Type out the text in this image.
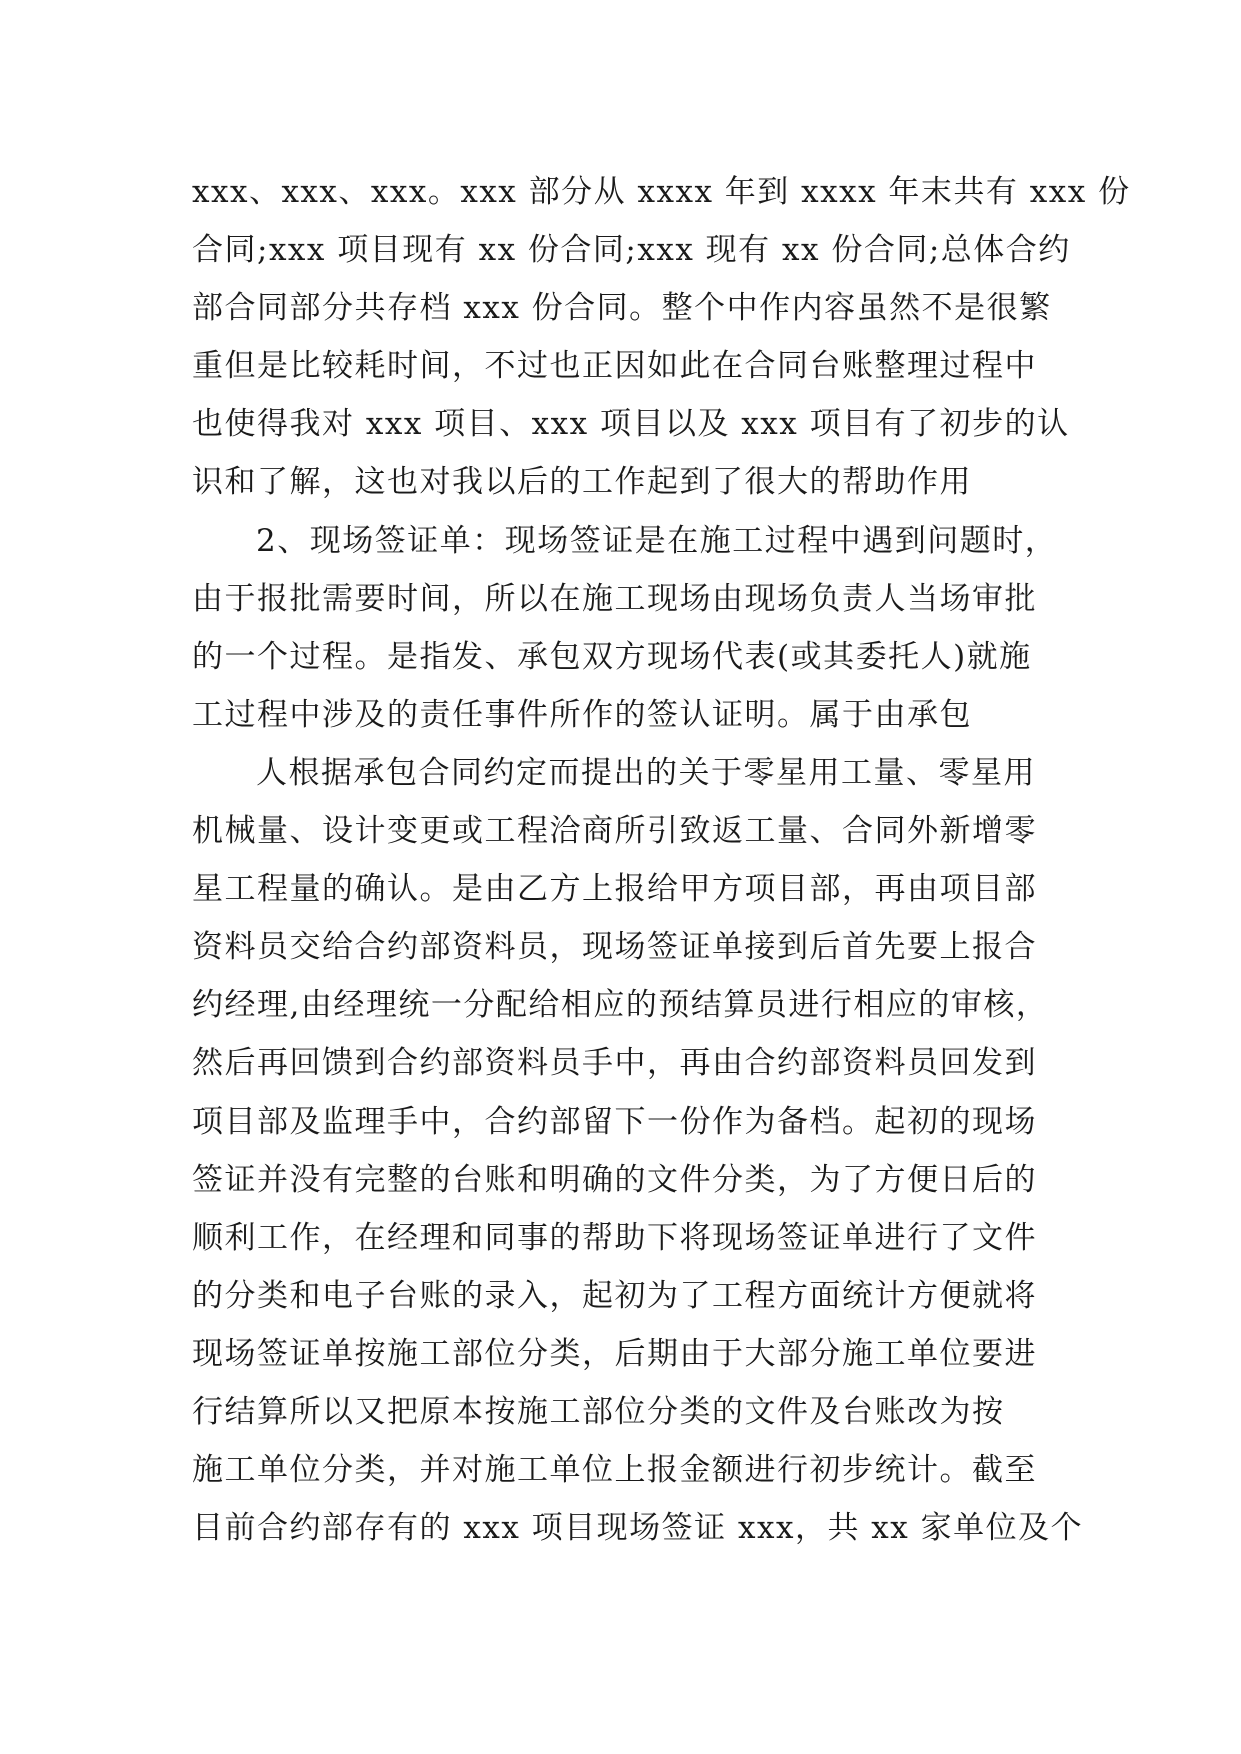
xxx、xxx、xxx。xxx 部分从 xxxx 年到 xxxx 年末共有 xxx 份
合同;xxx 项目现有 xx 份合同;xxx 现有 xx 份合同;总体合约
部合同部分共存档 xxx 份合同。整个中作内容虽然不是很繁
重但是比较耗时间，不过也正因如此在合同台账整理过程中
也使得我对 xxx 项目、xxx 项目以及 xxx 项目有了初步的认
识和了解，这也对我以后的工作起到了很大的帮助作用
2、现场签证单：现场签证是在施工过程中遇到问题时，
由于报批需要时间，所以在施工现场由现场负责人当场审批
的一个过程。是指发、承包双方现场代表(或其委托人)就施
工过程中涉及的责任事件所作的签认证明。属于由承包
人根据承包合同约定而提出的关于零星用工量、零星用
机械量、设计变更或工程洽商所引致返工量、合同外新增零
星工程量的确认。是由乙方上报给甲方项目部，再由项目部
资料员交给合约部资料员，现场签证单接到后首先要上报合
约经理,由经理统一分配给相应的预结算员进行相应的审核，
然后再回馈到合约部资料员手中，再由合约部资料员回发到
项目部及监理手中，合约部留下一份作为备档。起初的现场
签证并没有完整的台账和明确的文件分类，为了方便日后的
顺利工作，在经理和同事的帮助下将现场签证单进行了文件
的分类和电子台账的录入，起初为了工程方面统计方便就将
现场签证单按施工部位分类，后期由于大部分施工单位要进
行结算所以又把原本按施工部位分类的文件及台账改为按
施工单位分类，并对施工单位上报金额进行初步统计。截至
目前合约部存有的 xxx 项目现场签证 xxx，共 xx 家单位及个
